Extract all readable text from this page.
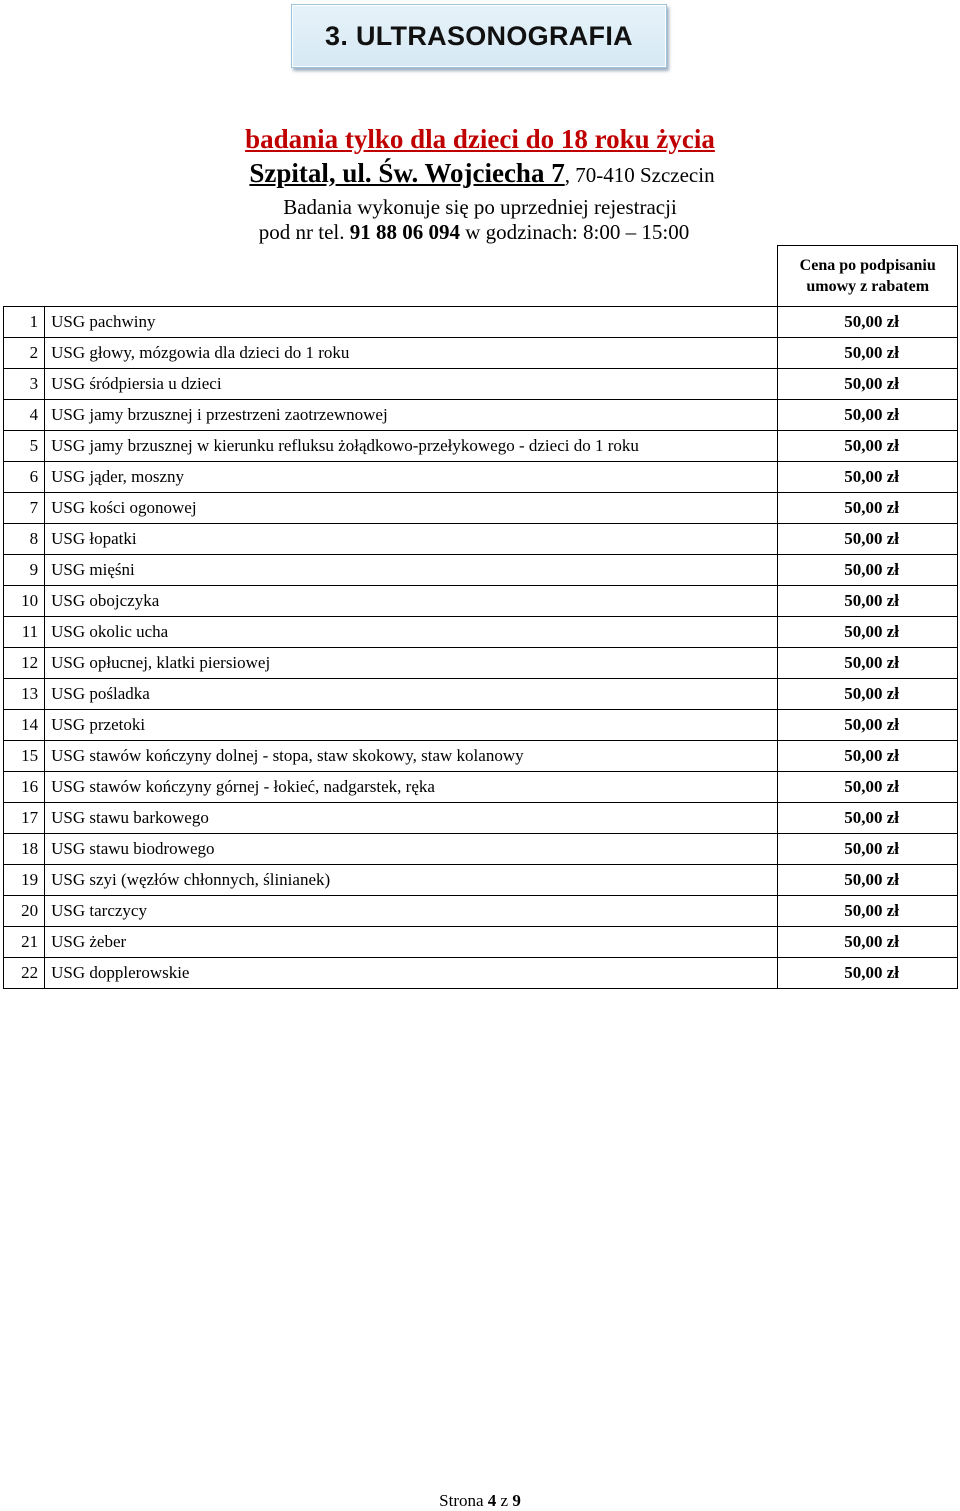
3. ULTRASONOGRAFIA
badania tylko dla dzieci do 18 roku życia
Szpital, ul. Św. Wojciecha 7, 70-410 Szczecin
Badania wykonuje się po uprzedniej rejestracji
pod nr tel. 91 88 06 094 w godzinach: 8:00 – 15:00
		Cena po podpisaniu umowy z rabatem
1	USG pachwiny	50,00 zł
2	USG głowy, mózgowia dla dzieci do 1 roku	50,00 zł
3	USG śródpiersia u dzieci	50,00 zł
4	USG jamy brzusznej i przestrzeni zaotrzewnowej	50,00 zł
5	USG jamy brzusznej w kierunku refluksu żołądkowo-przełykowego - dzieci do 1 roku	50,00 zł
6	USG jąder, moszny	50,00 zł
7	USG kości ogonowej	50,00 zł
8	USG łopatki	50,00 zł
9	USG mięśni	50,00 zł
10	USG obojczyka	50,00 zł
11	USG okolic ucha	50,00 zł
12	USG opłucnej, klatki piersiowej	50,00 zł
13	USG pośladka	50,00 zł
14	USG przetoki	50,00 zł
15	USG stawów kończyny dolnej - stopa, staw skokowy, staw kolanowy	50,00 zł
16	USG stawów kończyny górnej - łokieć, nadgarstek, ręka	50,00 zł
17	USG stawu barkowego	50,00 zł
18	USG stawu biodrowego	50,00 zł
19	USG szyi (węzłów chłonnych, ślinianek)	50,00 zł
20	USG tarczycy	50,00 zł
21	USG żeber	50,00 zł
22	USG dopplerowskie	50,00 zł
Strona 4 z 9
